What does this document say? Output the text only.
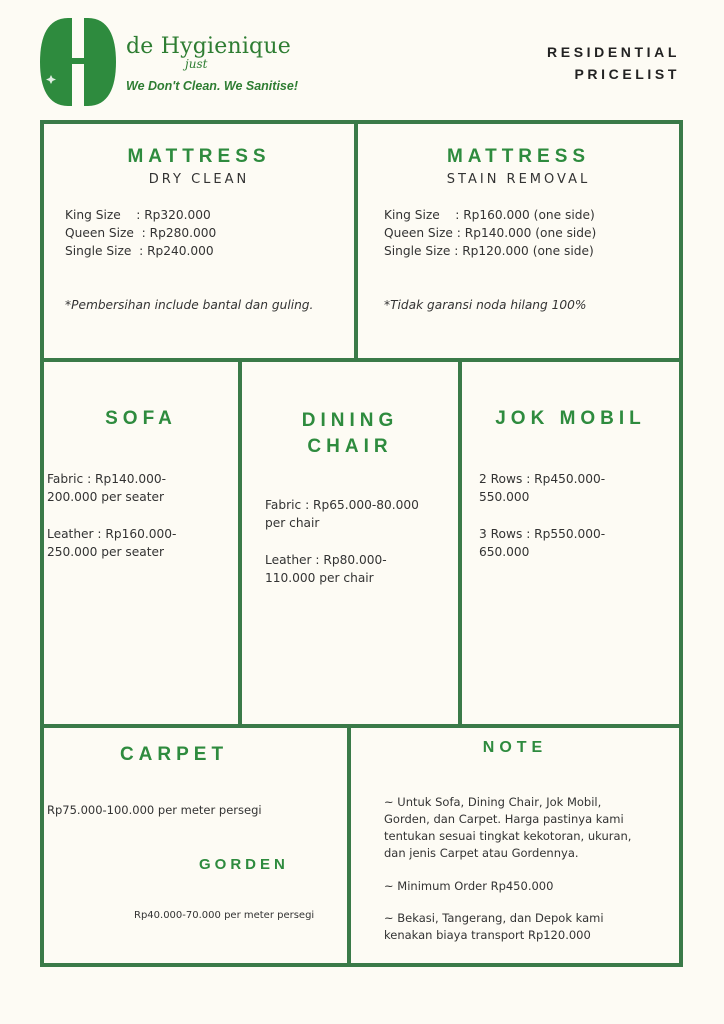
de Hygienique
just
We Don't Clean. We Sanitise!
RESIDENTIAL
PRICELIST
MATTRESS
DRY CLEAN
King Size    : Rp320.000
Queen Size  : Rp280.000
Single Size  : Rp240.000
*Pembersihan include bantal dan guling.
MATTRESS
STAIN REMOVAL
King Size    : Rp160.000 (one side)
Queen Size : Rp140.000 (one side)
Single Size : Rp120.000 (one side)
*Tidak garansi noda hilang 100%
SOFA
Fabric : Rp140.000-200.000 per seater
Leather : Rp160.000-250.000 per seater
DINING
CHAIR
Fabric : Rp65.000-80.000 per chair
Leather : Rp80.000-110.000 per chair
JOK MOBIL
2 Rows : Rp450.000-550.000
3 Rows : Rp550.000-650.000
CARPET
Rp75.000-100.000 per meter persegi
GORDEN
Rp40.000-70.000 per meter persegi
NOTE
~ Untuk Sofa, Dining Chair, Jok Mobil, Gorden, dan Carpet. Harga pastinya kami tentukan sesuai tingkat kekotoran, ukuran, dan jenis Carpet atau Gordennya.
~ Minimum Order Rp450.000
~ Bekasi, Tangerang, dan Depok kami kenakan biaya transport Rp120.000
